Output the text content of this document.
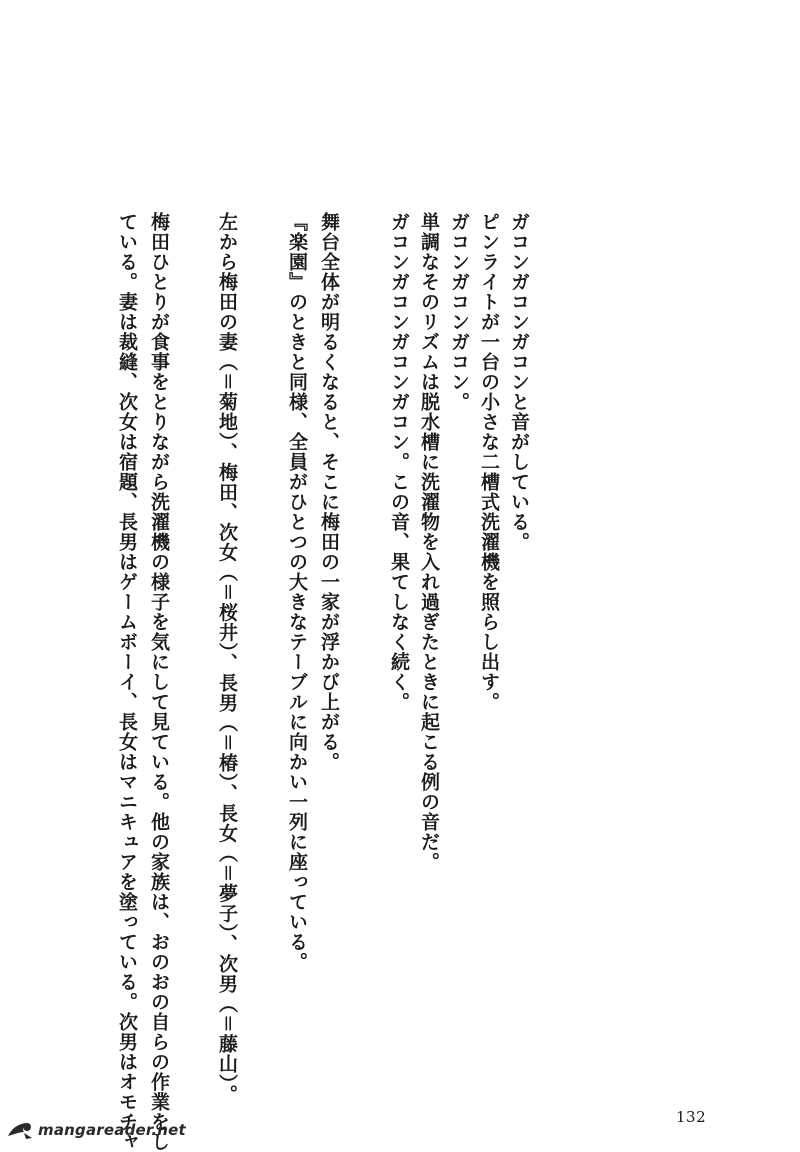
ガコンガコンガコンと音がしている。
ピンライトが一台の小さな二槽式洗濯機を照らし出す。
ガコンガコンガコン。
単調なそのリズムは脱水槽に洗濯物を入れ過ぎたときに起こる例の音だ。
ガコンガコンガコンガコン。この音、果てしなく続く。
舞台全体が明るくなると、そこに梅田の一家が浮かび上がる。
『楽園』のときと同様、全員がひとつの大きなテーブルに向かい一列に座っている。
左から梅田の妻（＝菊地）、梅田、次女（＝桜井）、長男（＝椿）、長女（＝夢子）、次男（＝藤山）。
梅田ひとりが食事をとりながら洗濯機の様子を気にして見ている。他の家族は、おのおの自らの作業をし
ている。妻は裁縫、次女は宿題、長男はゲームボーイ、長女はマニキュアを塗っている。次男はオモチャ	132
mangareader.net
